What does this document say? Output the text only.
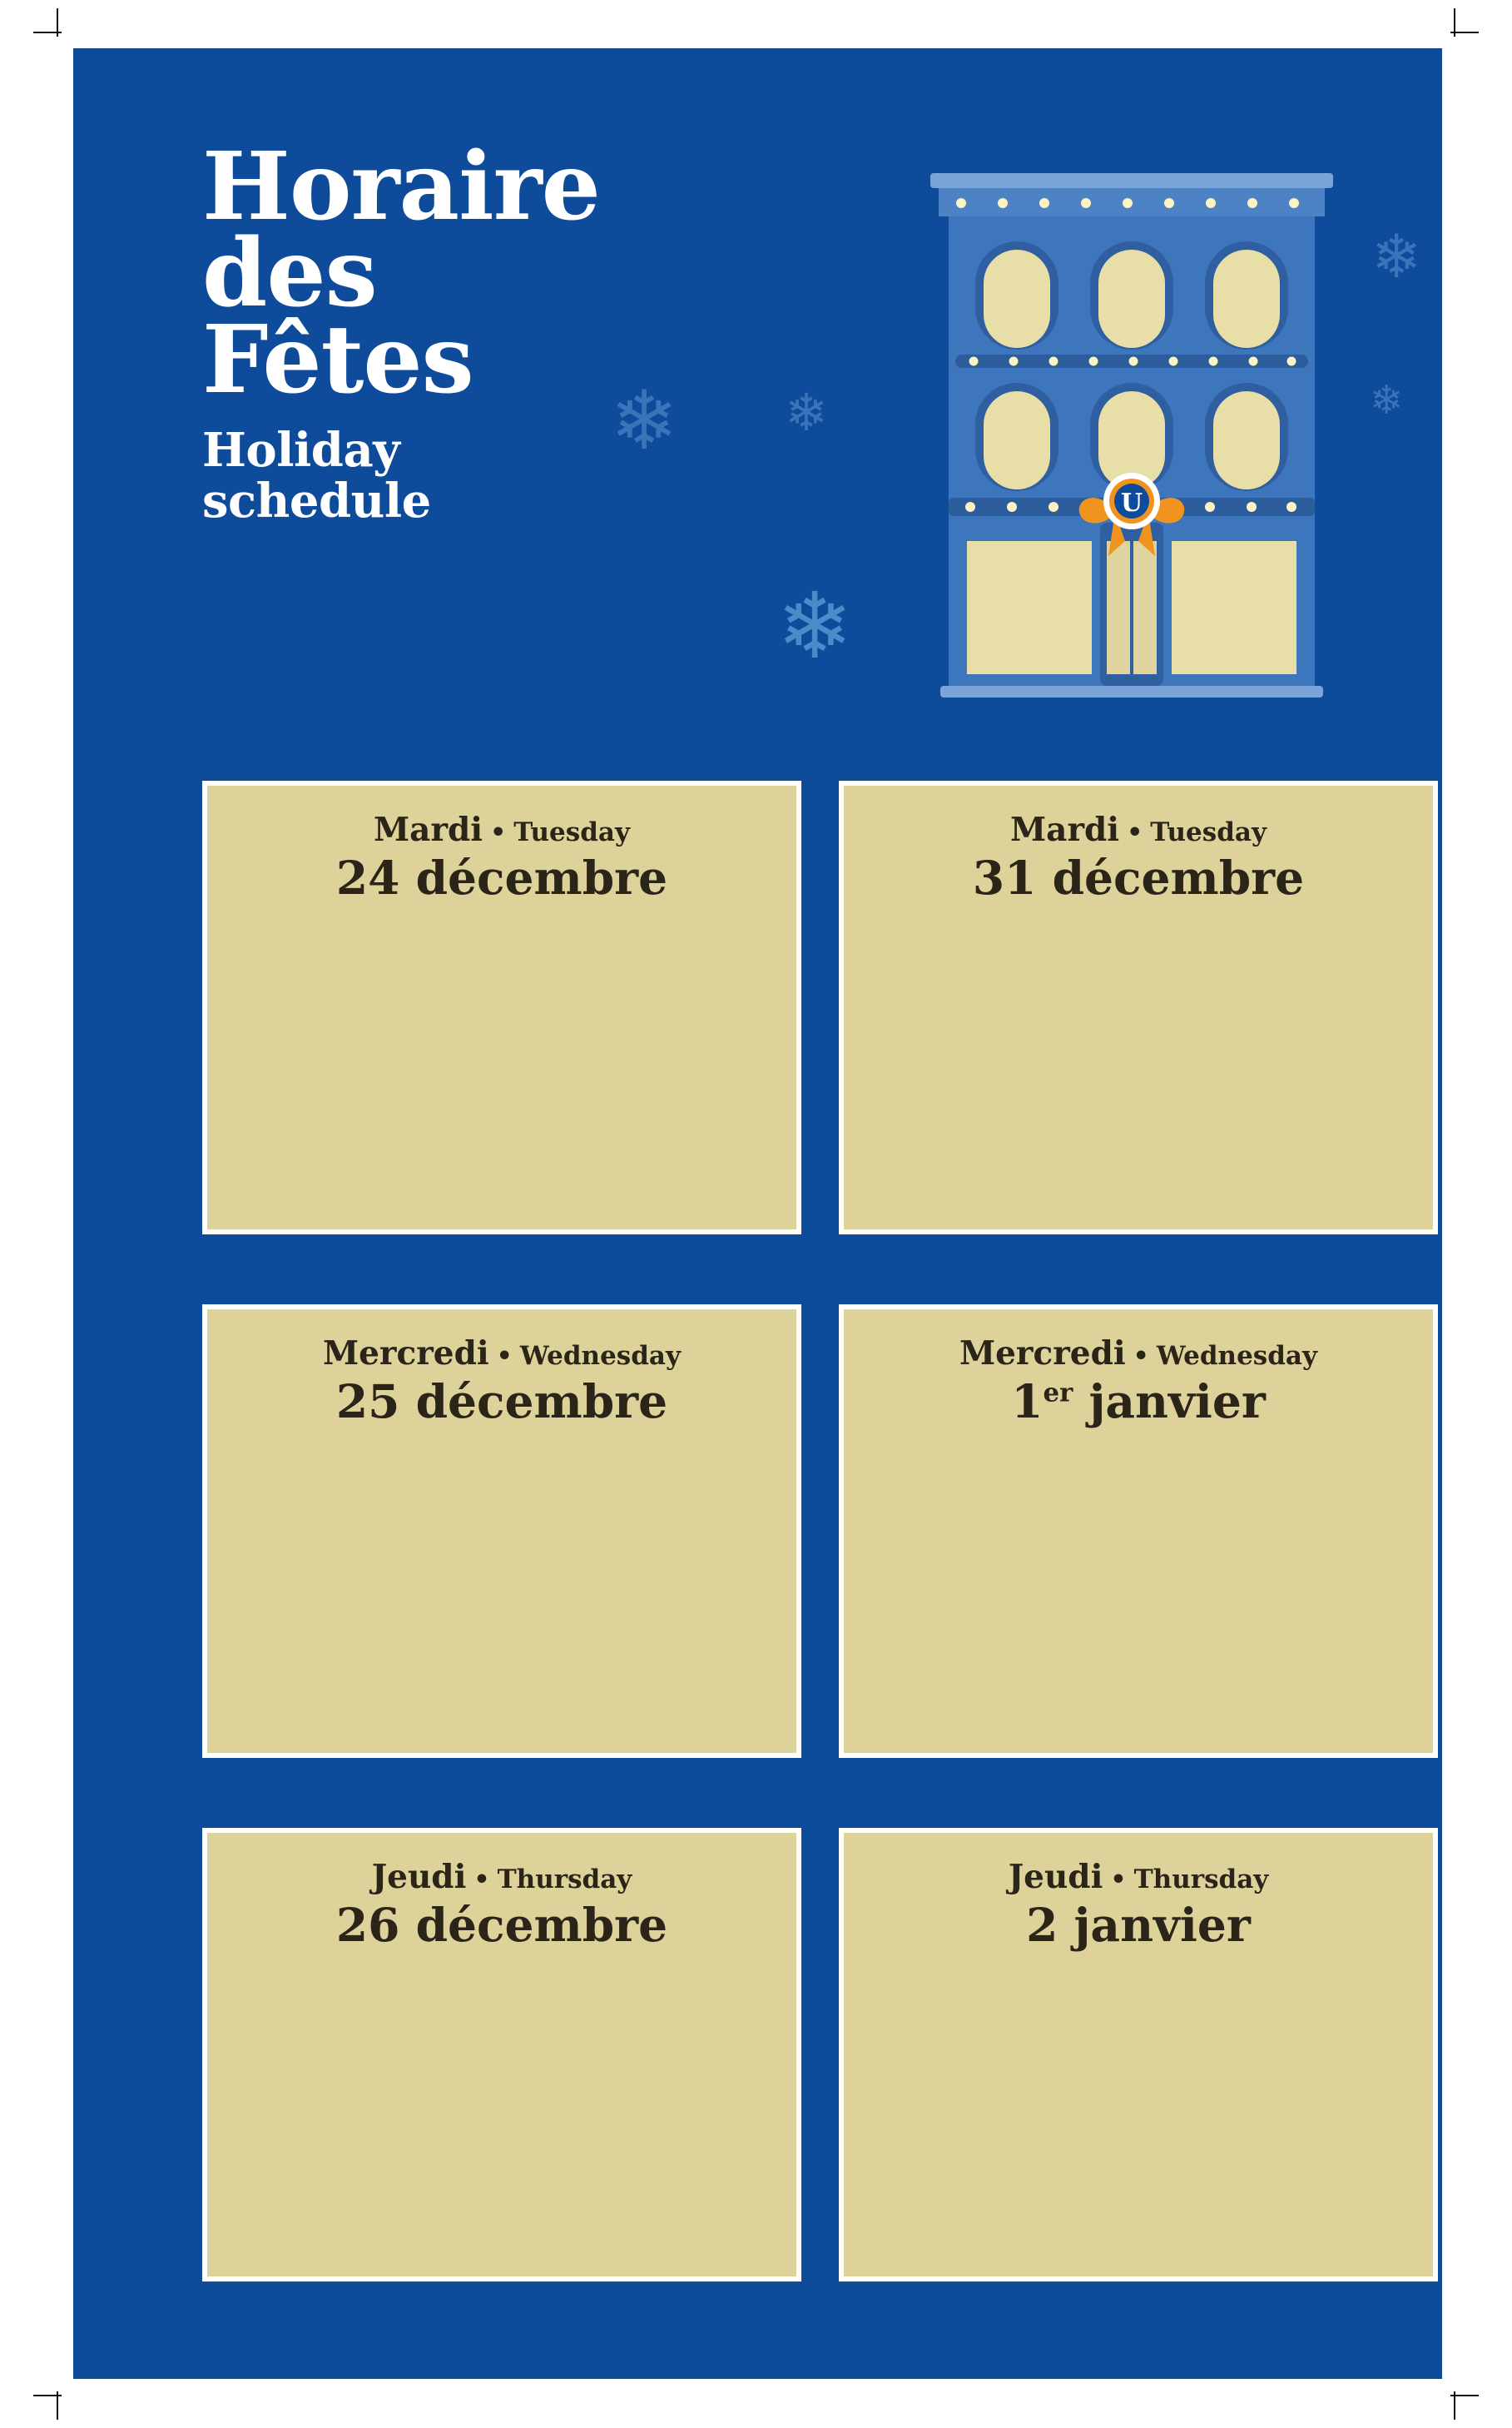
❄ ❄
❄
❄
❄
Horaire
des
Fêtes
Holiday
schedule	U
Mardi • Tuesday
24 décembre
Mardi • Tuesday
31 décembre
Mercredi • Wednesday
25 décembre
Mercredi • Wednesday
1er janvier
Jeudi • Thursday
26 décembre
Jeudi • Thursday
2 janvier
